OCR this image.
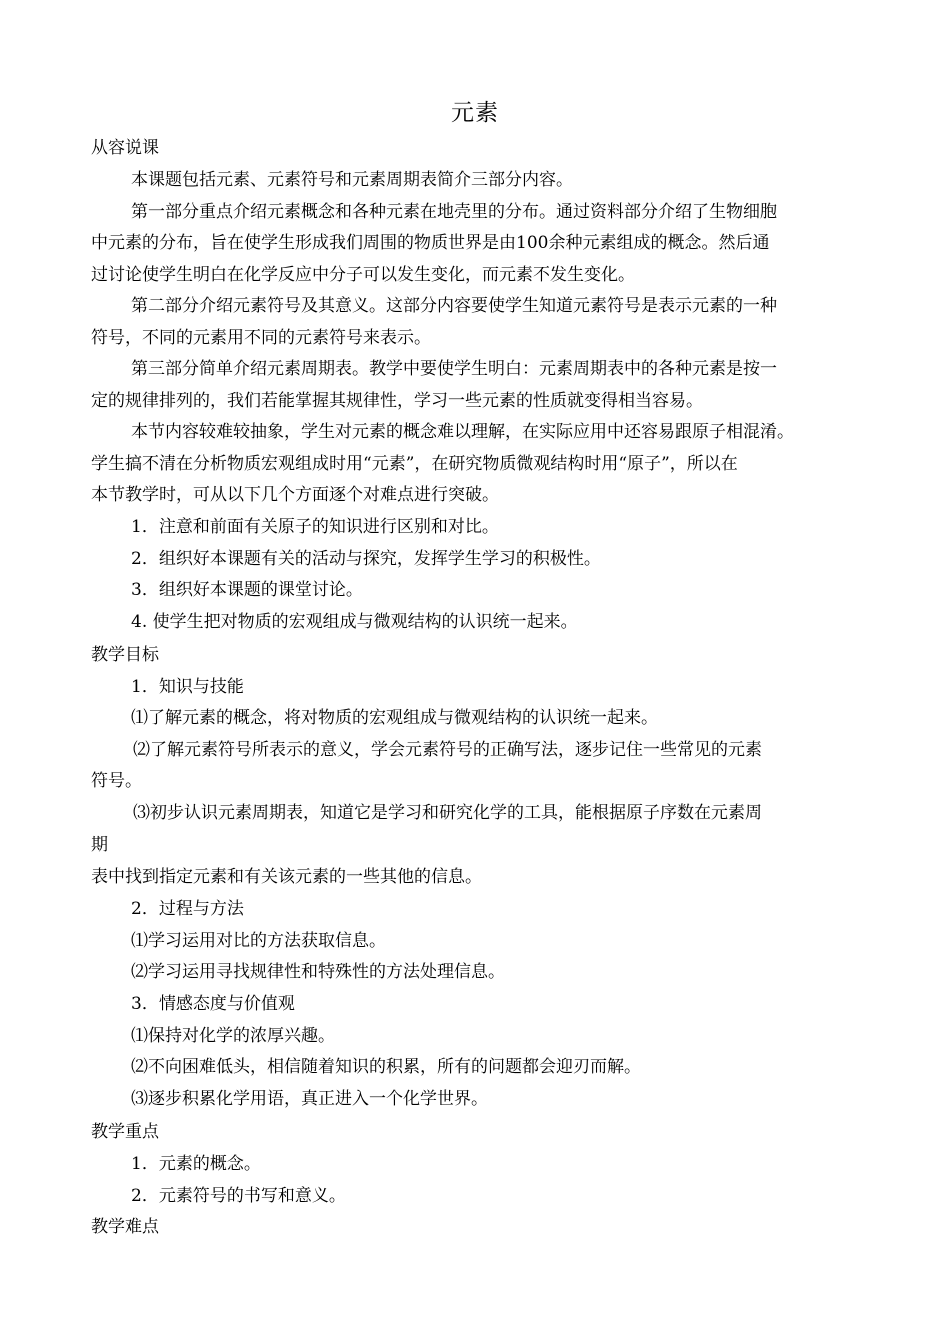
元素
从容说课
本课题包括元素、元素符号和元素周期表简介三部分内容。
第一部分重点介绍元素概念和各种元素在地壳里的分布。通过资料部分介绍了生物细胞
中元素的分布，旨在使学生形成我们周围的物质世界是由100余种元素组成的概念。然后通
过讨论使学生明白在化学反应中分子可以发生变化，而元素不发生变化。
第二部分介绍元素符号及其意义。这部分内容要使学生知道元素符号是表示元素的一种
符号，不同的元素用不同的元素符号来表示。
第三部分简单介绍元素周期表。教学中要使学生明白：元素周期表中的各种元素是按一
定的规律排列的，我们若能掌握其规律性，学习一些元素的性质就变得相当容易。
本节内容较难较抽象，学生对元素的概念难以理解，在实际应用中还容易跟原子相混淆。
学生搞不清在分析物质宏观组成时用“元素”，在研究物质微观结构时用“原子”，所以在
本节教学时，可从以下几个方面逐个对难点进行突破。
1．注意和前面有关原子的知识进行区别和对比。
2．组织好本课题有关的活动与探究，发挥学生学习的积极性。
3．组织好本课题的课堂讨论。
4. 使学生把对物质的宏观组成与微观结构的认识统一起来。
教学目标
1．知识与技能
⑴了解元素的概念，将对物质的宏观组成与微观结构的认识统一起来。
⑵了解元素符号所表示的意义，学会元素符号的正确写法，逐步记住一些常见的元素
符号。
⑶初步认识元素周期表，知道它是学习和研究化学的工具，能根据原子序数在元素周
期
表中找到指定元素和有关该元素的一些其他的信息。
2．过程与方法
⑴学习运用对比的方法获取信息。
⑵学习运用寻找规律性和特殊性的方法处理信息。
3．情感态度与价值观
⑴保持对化学的浓厚兴趣。
⑵不向困难低头，相信随着知识的积累，所有的问题都会迎刃而解。
⑶逐步积累化学用语，真正进入一个化学世界。
教学重点
1．元素的概念。
2．元素符号的书写和意义。
教学难点
